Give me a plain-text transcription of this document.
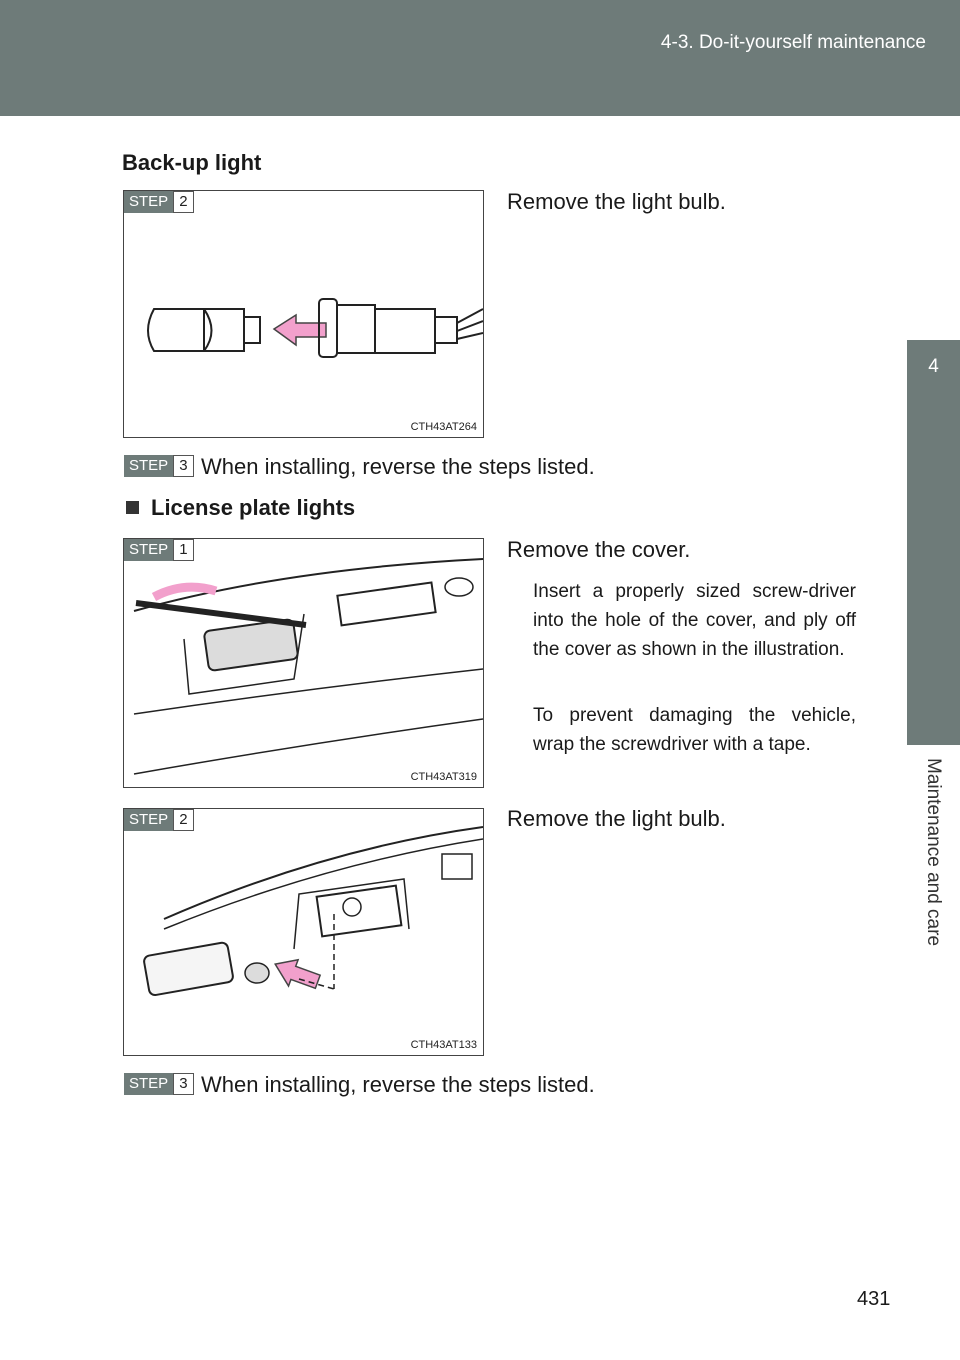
4-3. Do-it-yourself maintenance
4
Maintenance and care
Back-up light
STEP 2
CTH43AT264
Remove the light bulb.
STEP 3 When installing, reverse the steps listed.
License plate lights
STEP 1
CTH43AT319
Remove the cover.
Insert a properly sized screw-driver into the hole of the cover, and ply off the cover as shown in the illustration.
To prevent damaging the vehicle, wrap the screwdriver with a tape.
STEP 2
CTH43AT133
Remove the light bulb.
STEP 3 When installing, reverse the steps listed.
431
